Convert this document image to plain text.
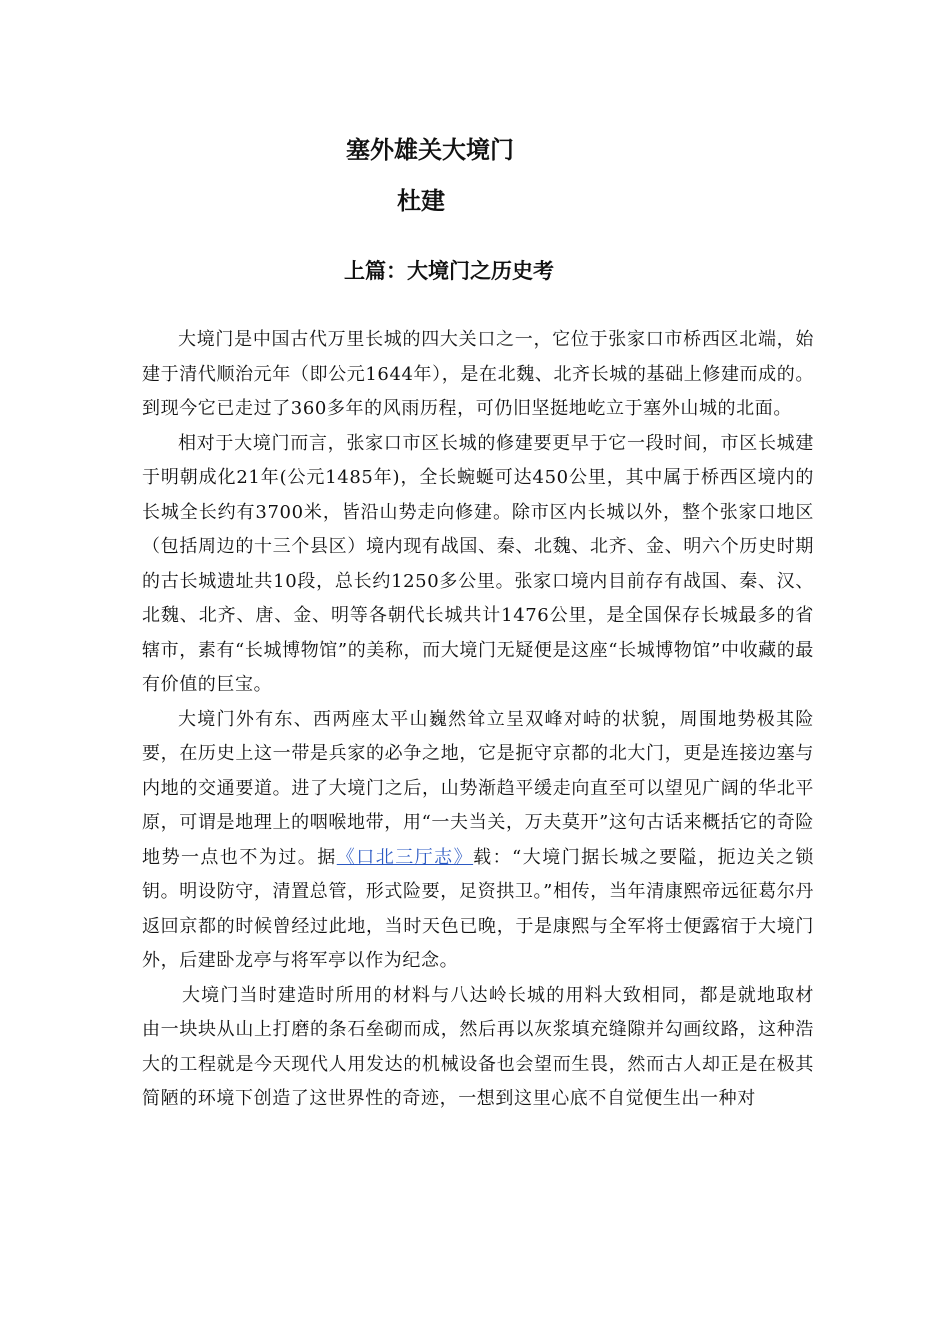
塞外雄关大境门
杜建
上篇：大境门之历史考

大境门是中国古代万里长城的四大关口之一，它位于张家口市桥西区北端，始建于清代顺治元年（即公元1644年），是在北魏、北齐长城的基础上修建而成的。到现今它已走过了360多年的风雨历程，可仍旧坚挺地屹立于塞外山城的北面。

相对于大境门而言，张家口市区长城的修建要更早于它一段时间，市区长城建于明朝成化21年(公元1485年)，全长蜿蜒可达450公里，其中属于桥西区境内的长城全长约有3700米，皆沿山势走向修建。除市区内长城以外，整个张家口地区（包括周边的十三个县区）境内现有战国、秦、北魏、北齐、金、明六个历史时期的古长城遗址共10段，总长约1250多公里。张家口境内目前存有战国、秦、汉、北魏、北齐、唐、金、明等各朝代长城共计1476公里，是全国保存长城最多的省辖市，素有“长城博物馆”的美称，而大境门无疑便是这座“长城博物馆”中收藏的最有价值的巨宝。

大境门外有东、西两座太平山巍然耸立呈双峰对峙的状貌，周围地势极其险要，在历史上这一带是兵家的必争之地，它是扼守京都的北大门，更是连接边塞与内地的交通要道。进了大境门之后，山势渐趋平缓走向直至可以望见广阔的华北平原，可谓是地理上的咽喉地带，用“一夫当关，万夫莫开”这句古话来概括它的奇险地势一点也不为过。据《口北三厅志》载：“大境门据长城之要隘，扼边关之锁钥。明设防守，清置总管，形式险要，足资拱卫。”相传，当年清康熙帝远征葛尔丹返回京都的时候曾经过此地，当时天色已晚，于是康熙与全军将士便露宿于大境门外，后建卧龙亭与将军亭以作为纪念。

大境门当时建造时所用的材料与八达岭长城的用料大致相同，都是就地取材由一块块从山上打磨的条石垒砌而成，然后再以灰浆填充缝隙并勾画纹路，这种浩大的工程就是今天现代人用发达的机械设备也会望而生畏，然而古人却正是在极其简陋的环境下创造了这世界性的奇迹，一想到这里心底不自觉便生出一种对
